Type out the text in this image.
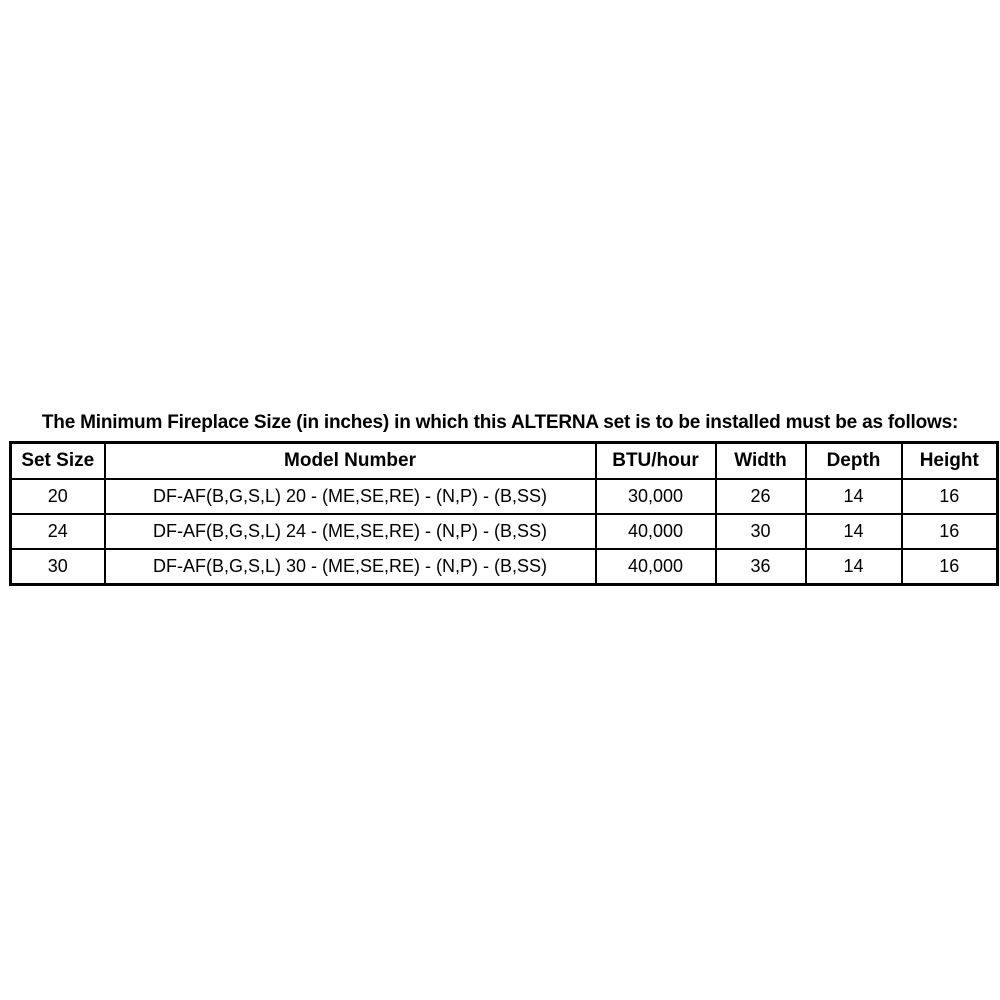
The Minimum Fireplace Size (in inches) in which this ALTERNA set is to be installed must be as follows:
Set Size	Model Number	BTU/hour	Width	Depth	Height
20	DF-AF(B,G,S,L) 20 - (ME,SE,RE) - (N,P) - (B,SS)	30,000	26	14	16
24	DF-AF(B,G,S,L) 24 - (ME,SE,RE) - (N,P) - (B,SS)	40,000	30	14	16
30	DF-AF(B,G,S,L) 30 - (ME,SE,RE) - (N,P) - (B,SS)	40,000	36	14	16
